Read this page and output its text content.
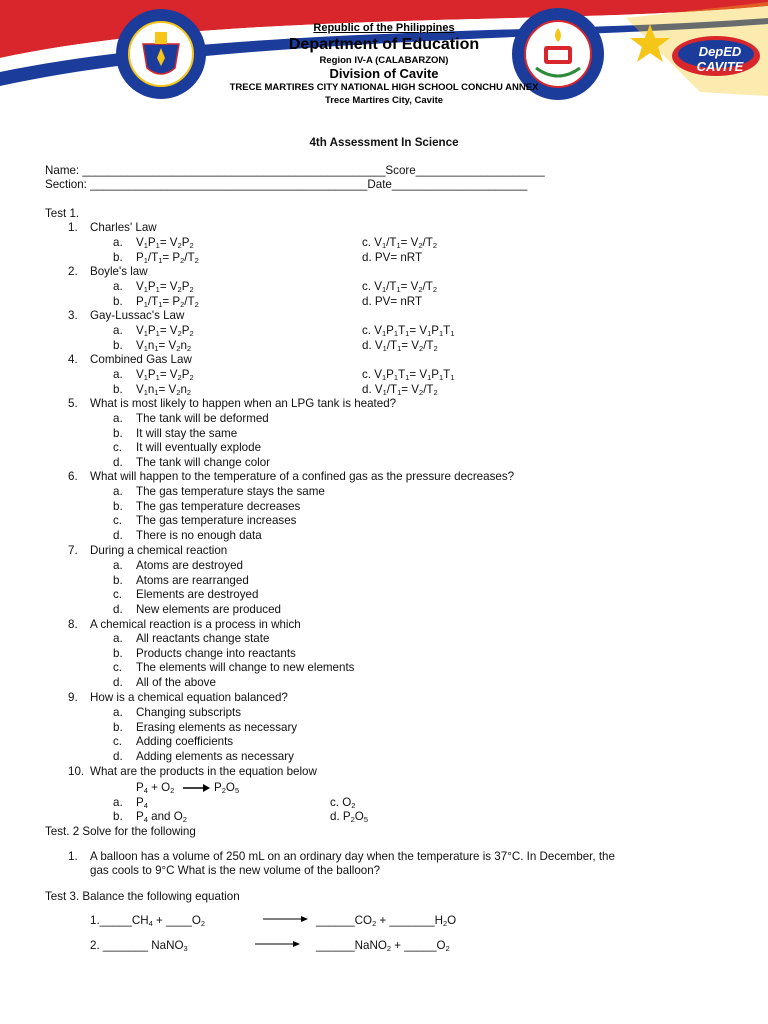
DepED CAVITE
Republic of the Philippines
Department of Education
Region IV-A (CALABARZON)
Division of Cavite
TRECE MARTIRES CITY NATIONAL HIGH SCHOOL CONCHU ANNEX
Trece Martires City, Cavite
4th Assessment In Science
Name: _______________________________________________Score____________________
Section: ___________________________________________Date_____________________
Test 1.
1. Charles' Law
a. $V_1P_1= V_2P_2$
b. $P_1/T_1= P_2/T_2$
c. $V_1/T_1= V_2/T_2$
d. PV= nRT
2. Boyle's law
a. $V_1P_1= V_2P_2$
b. $P_1/T_1= P_2/T_2$
c. $V_1/T_1= V_2/T_2$
d. PV= nRT
3. Gay-Lussac's Law
a. $V_1P_1= V_2P_2$
b. $V_1n_1= V_2n_2$
c. $V_1P_1T_1= V_1P_1T_1$
d. $V_1/T_1= V_2/T_2$
4. Combined Gas Law
a. $V_1P_1= V_2P_2$
b. $V_1n_1= V_2n_2$
c. $V_1P_1T_1= V_1P_1T_1$
d. $V_1/T_1= V_2/T_2$
5. What is most likely to happen when an LPG tank is heated?
a. The tank will be deformed
b. It will stay the same
c. It will eventually explode
d. The tank will change color
6. What will happen to the temperature of a confined gas as the pressure decreases?
a. The gas temperature stays the same
b. The gas temperature decreases
c. The gas temperature increases
d. There is no enough data
7. During a chemical reaction
a. Atoms are destroyed
b. Atoms are rearranged
c. Elements are destroyed
d. New elements are produced
8. A chemical reaction is a process in which
a. All reactants change state
b. Products change into reactants
c. The elements will change to new elements
d. All of the above
9. How is a chemical equation balanced?
a. Changing subscripts
b. Erasing elements as necessary
c. Adding coefficients
d. Adding elements as necessary
10. What are the products in the equation below
a. $P_4$
b. $P_4$ and $O_2$
c. $O_2$
d. $P_2O_5$
$P_4 + O_2 \to P_2O_5$
Test. 2 Solve for the following
1. A balloon has a volume of 250 mL on an ordinary day when the temperature is 37°C. In December, the
gas cools to 9°C What is the new volume of the balloon?
Test 3. Balance the following equation
$1.\_\_\_\_\_CH_4$ + $\_\_\_\_O_2$	→ $\_\_\_\_\_\_CO_2$ + $\_\_\_\_\_\_\_H_2O$
2. _______ NaNO$_3$	→ ______NaNO$_2$ + $\_\_\_\_\_O_2$
